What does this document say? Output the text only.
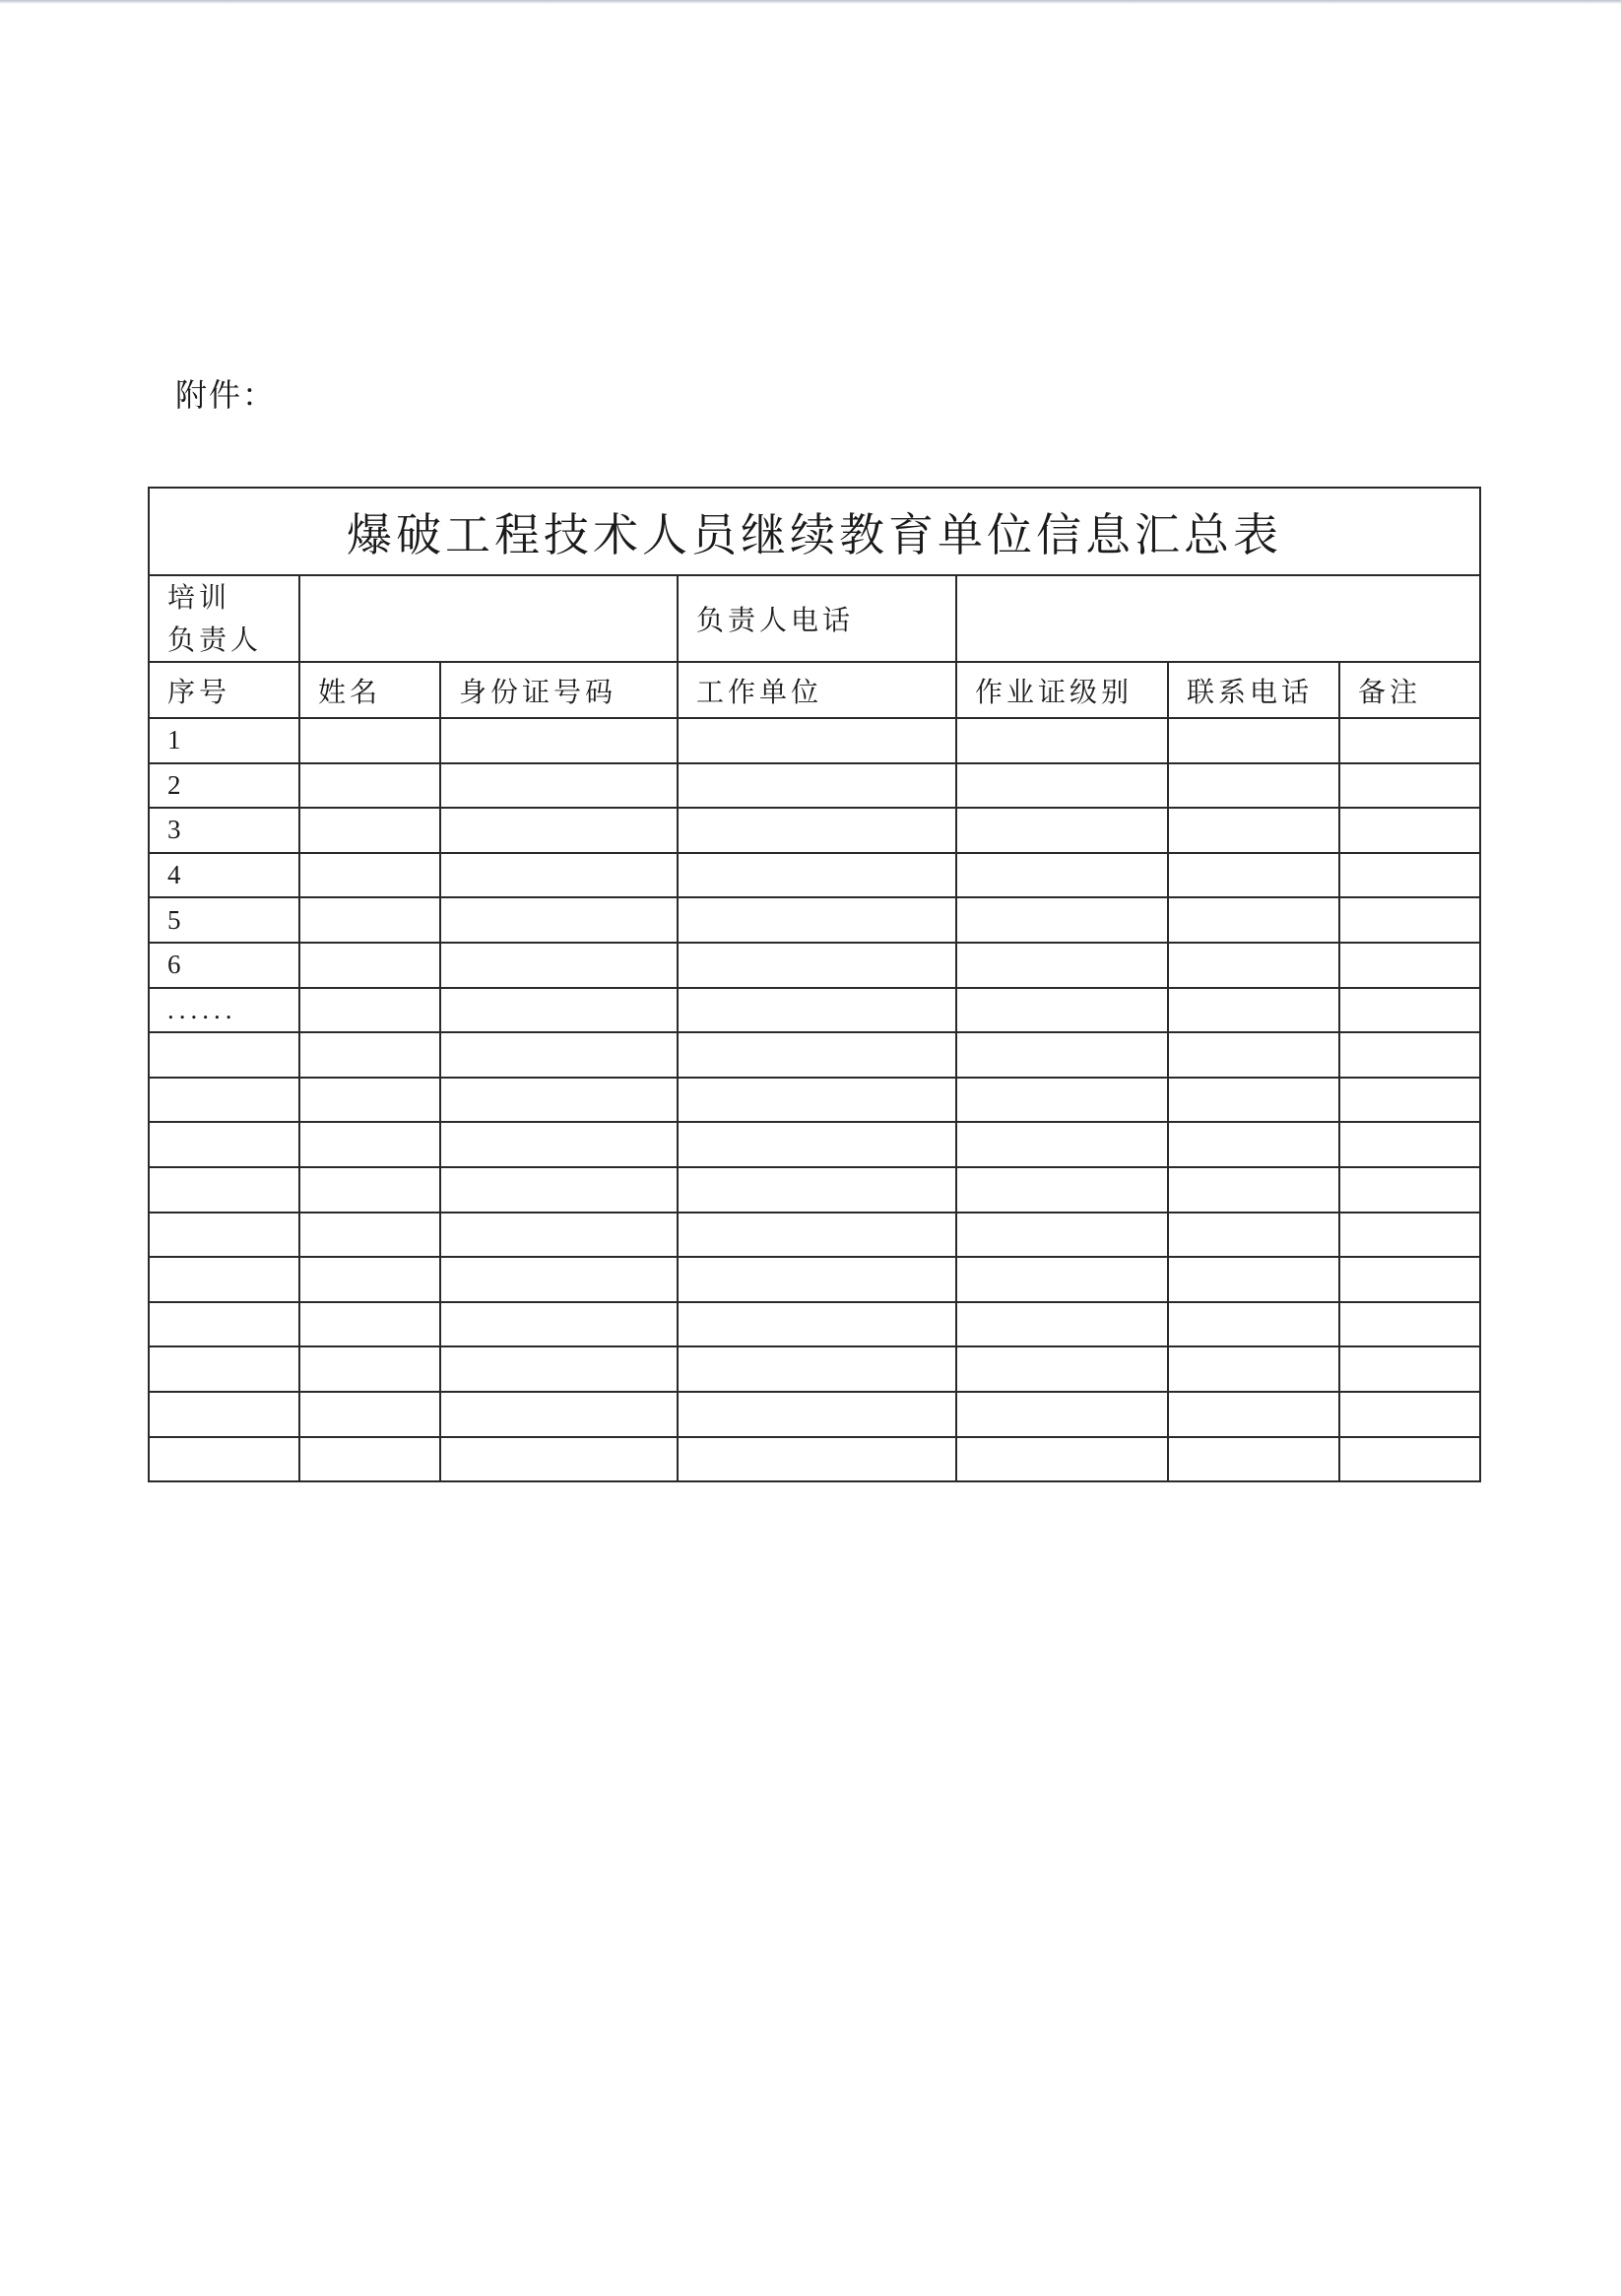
附件：
爆破工程技术人员继续教育单位信息汇总表						

培训
负责人			负责人电话			
序号	姓名	身份证号码	工作单位	作业证级别	联系电话	备注
1						
2						
3						
4						
5						
6						
......						
